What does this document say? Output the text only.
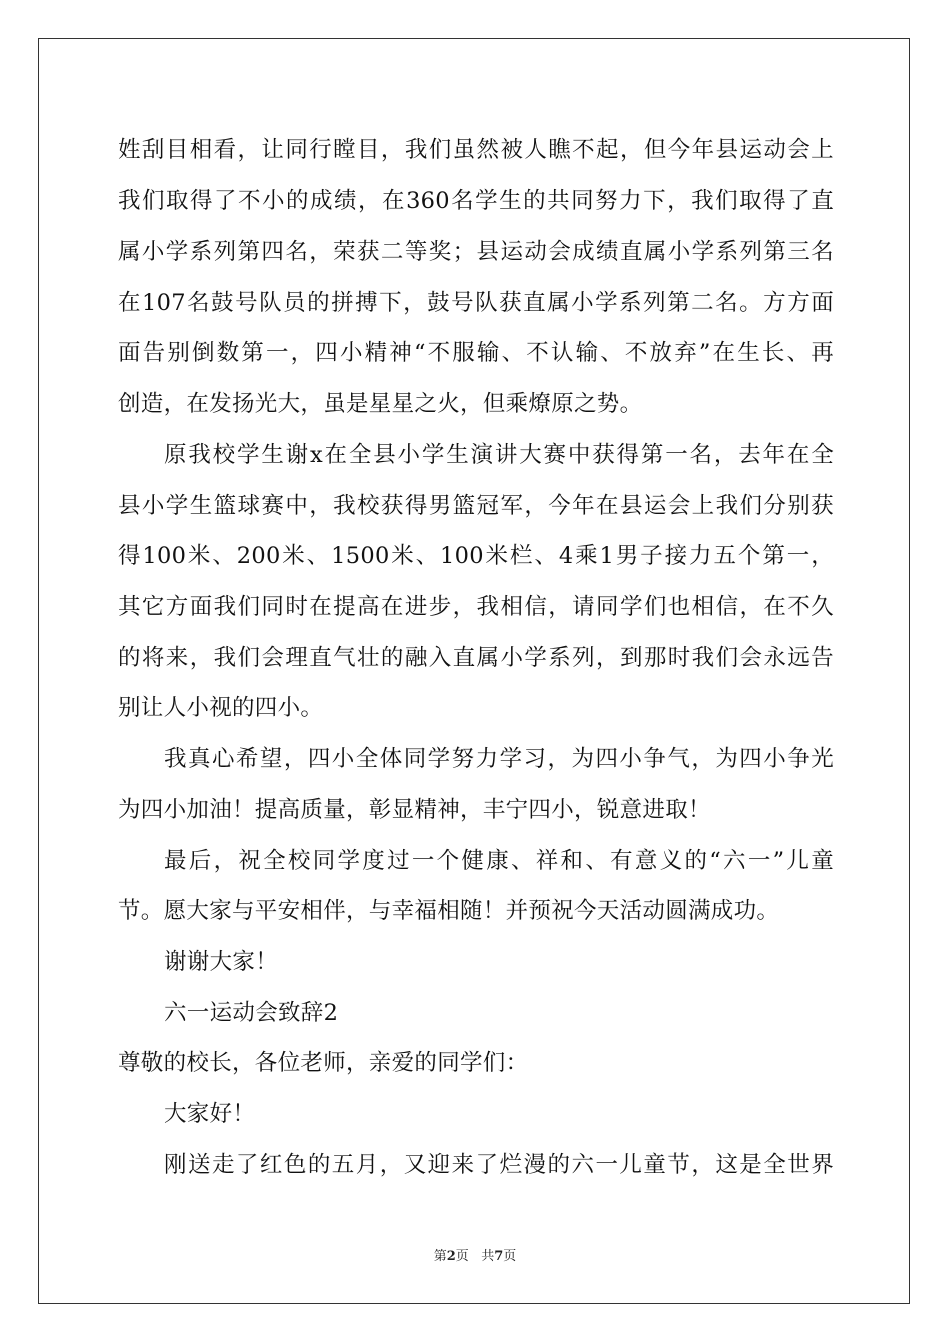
姓刮目相看，让同行瞠目，我们虽然被人瞧不起，但今年县运动会上
我们取得了不小的成绩，在360名学生的共同努力下，我们取得了直
属小学系列第四名，荣获二等奖；县运动会成绩直属小学系列第三名
在107名鼓号队员的拼搏下，鼓号队获直属小学系列第二名。方方面
面告别倒数第一，四小精神“不服输、不认输、不放弃”在生长、再
创造，在发扬光大，虽是星星之火，但乘燎原之势。
原我校学生谢x在全县小学生演讲大赛中获得第一名，去年在全
县小学生篮球赛中，我校获得男篮冠军，今年在县运会上我们分别获
得100米、200米、1500米、100米栏、4乘1男子接力五个第一，
其它方面我们同时在提高在进步，我相信，请同学们也相信，在不久
的将来，我们会理直气壮的融入直属小学系列，到那时我们会永远告
别让人小视的四小。
我真心希望，四小全体同学努力学习，为四小争气，为四小争光
为四小加油！提高质量，彰显精神，丰宁四小，锐意进取！
最后，祝全校同学度过一个健康、祥和、有意义的“六一”儿童
节。愿大家与平安相伴，与幸福相随！并预祝今天活动圆满成功。
谢谢大家！
六一运动会致辞2
尊敬的校长，各位老师，亲爱的同学们：
大家好！
刚送走了红色的五月，又迎来了烂漫的六一儿童节，这是全世界
第2页 共7页
